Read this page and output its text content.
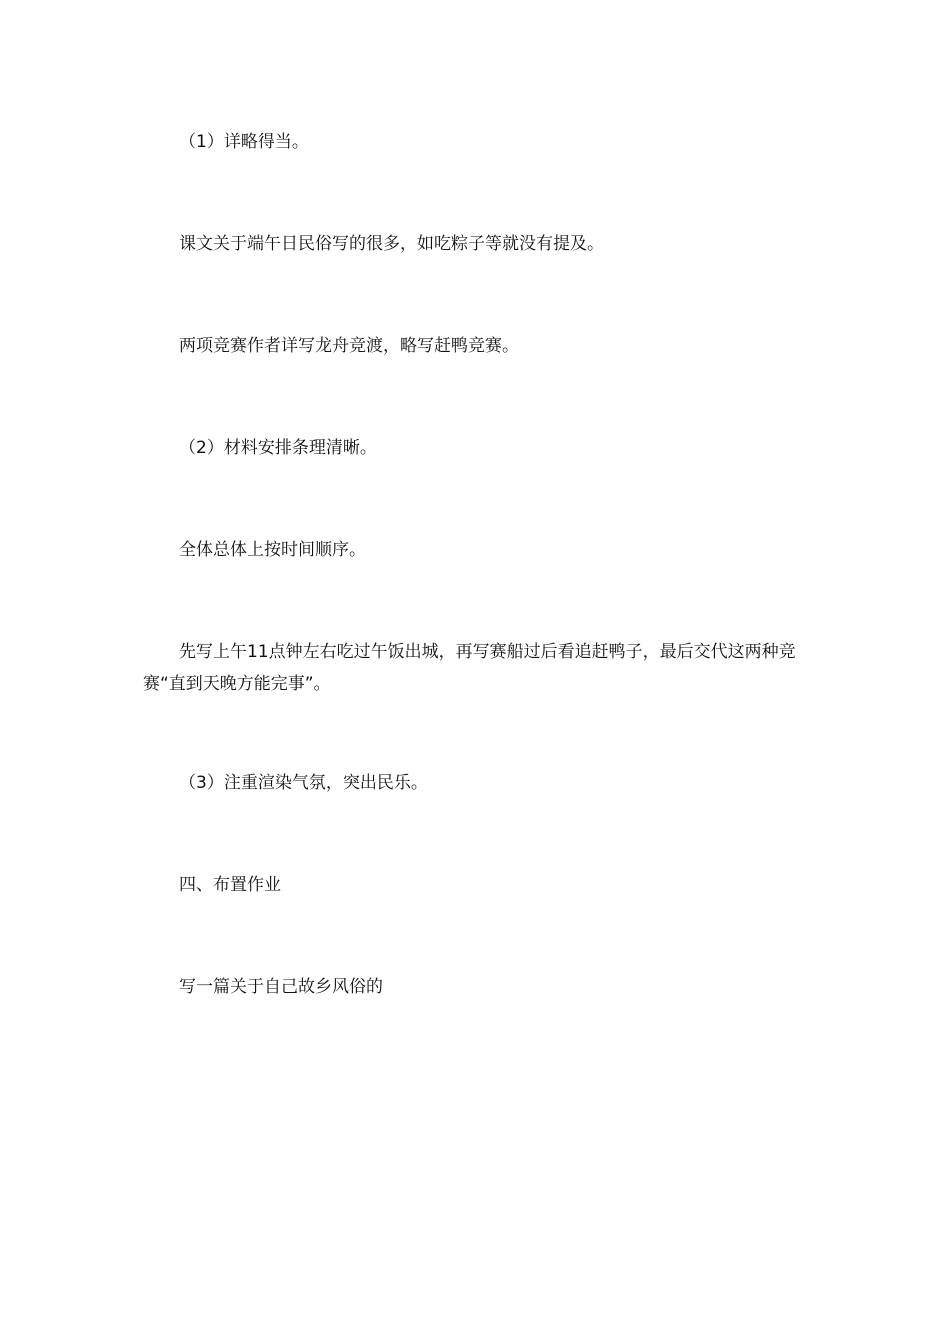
（1）详略得当。

课文关于端午日民俗写的很多，如吃粽子等就没有提及。

两项竞赛作者详写龙舟竞渡，略写赶鸭竞赛。

（2）材料安排条理清晰。

全体总体上按时间顺序。

先写上午11点钟左右吃过午饭出城，再写赛船过后看追赶鸭子，最后交代这两种竞赛“直到天晚方能完事”。

（3）注重渲染气氛，突出民乐。

四、布置作业

写一篇关于自己故乡风俗的
